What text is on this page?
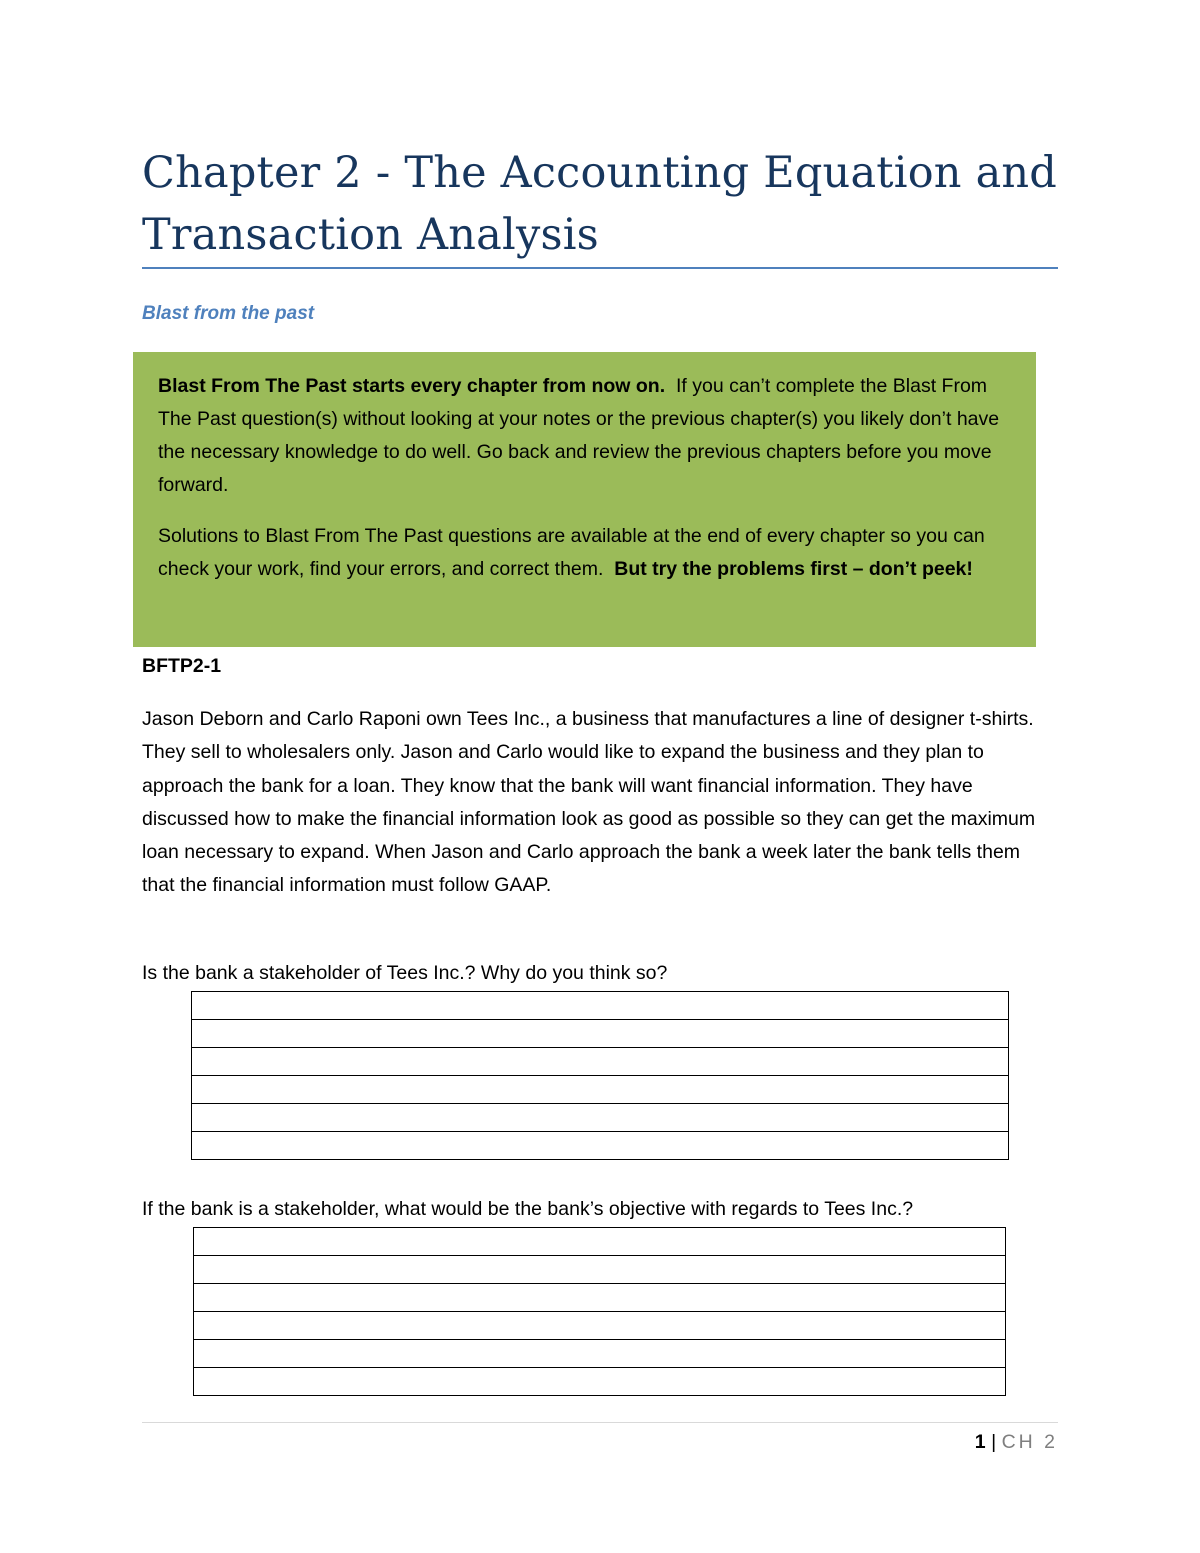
Chapter 2 - The Accounting Equation and Transaction Analysis
Blast from the past

Blast From The Past starts every chapter from now on. If you can’t complete the Blast From The Past question(s) without looking at your notes or the previous chapter(s) you likely don’t have the necessary knowledge to do well. Go back and review the previous chapters before you move forward.

Solutions to Blast From The Past questions are available at the end of every chapter so you can check your work, find your errors, and correct them. But try the problems first – don’t peek!

BFTP2-1

Jason Deborn and Carlo Raponi own Tees Inc., a business that manufactures a line of designer t-shirts. They sell to wholesalers only. Jason and Carlo would like to expand the business and they plan to approach the bank for a loan. They know that the bank will want financial information. They have discussed how to make the financial information look as good as possible so they can get the maximum loan necessary to expand. When Jason and Carlo approach the bank a week later the bank tells them that the financial information must follow GAAP.

Is the bank a stakeholder of Tees Inc.? Why do you think so?

If the bank is a stakeholder, what would be the bank’s objective with regards to Tees Inc.?

1 | CH 2
